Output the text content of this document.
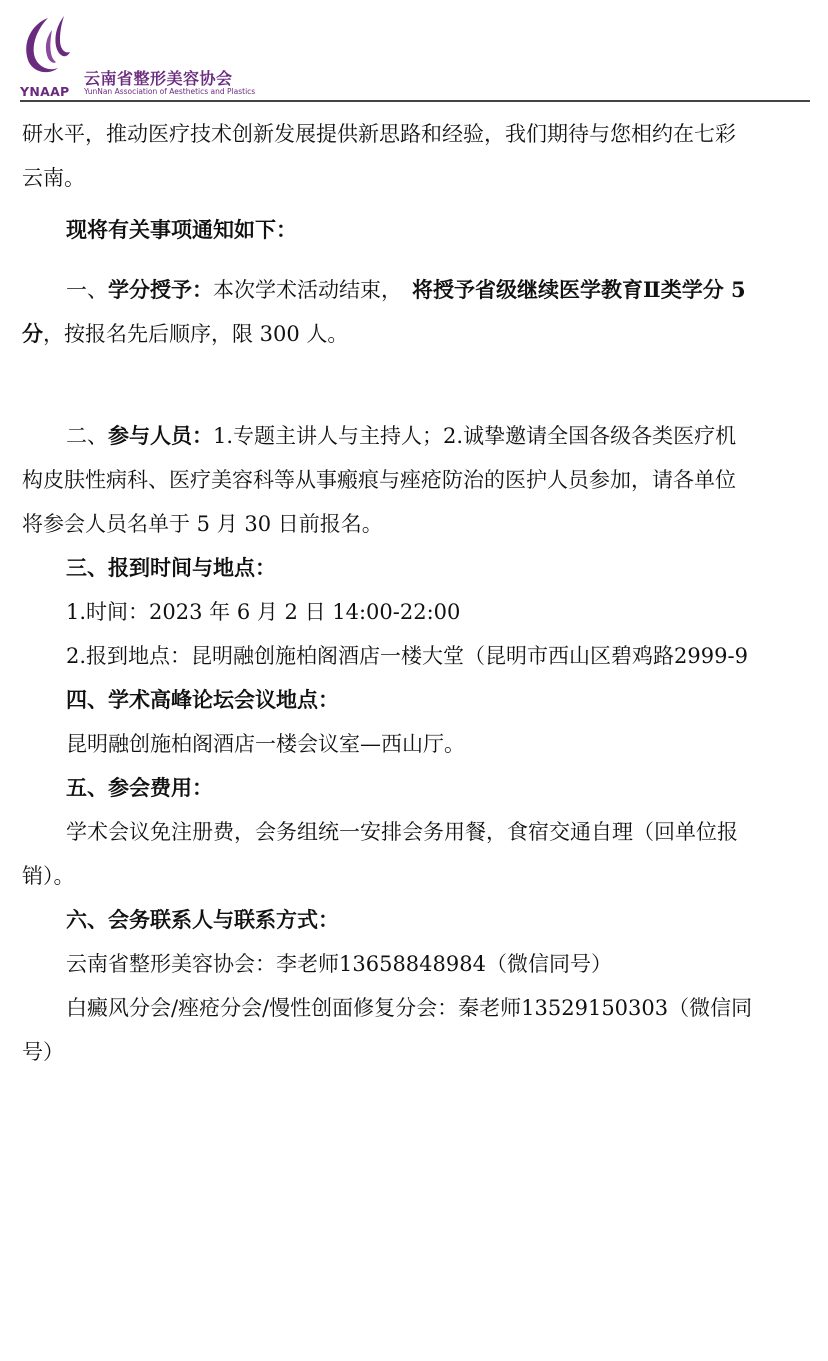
YNAAP
云南省整形美容协会
YunNan Association of Aesthetics and Plastics

研水平，推动医疗技术创新发展提供新思路和经验，我们期待与您相约在七彩

云南。

现将有关事项通知如下：

一、学分授予：本次学术活动结束， 将授予省级继续医学教育Ⅱ类学分 5

分，按报名先后顺序，限 300 人。

二、参与人员：1.专题主讲人与主持人；2.诚挚邀请全国各级各类医疗机

构皮肤性病科、医疗美容科等从事瘢痕与痤疮防治的医护人员参加，请各单位

将参会人员名单于 5 月 30 日前报名。

三、报到时间与地点：

1.时间：2023 年 6 月 2 日 14:00-22:00

2.报到地点：昆明融创施柏阁酒店一楼大堂（昆明市西山区碧鸡路2999-9

四、学术高峰论坛会议地点：

昆明融创施柏阁酒店一楼会议室—西山厅。

五、参会费用：

学术会议免注册费，会务组统一安排会务用餐，食宿交通自理（回单位报

销）。

六、会务联系人与联系方式：

云南省整形美容协会：李老师13658848984（微信同号）

白癜风分会/痤疮分会/慢性创面修复分会：秦老师13529150303（微信同

号）
